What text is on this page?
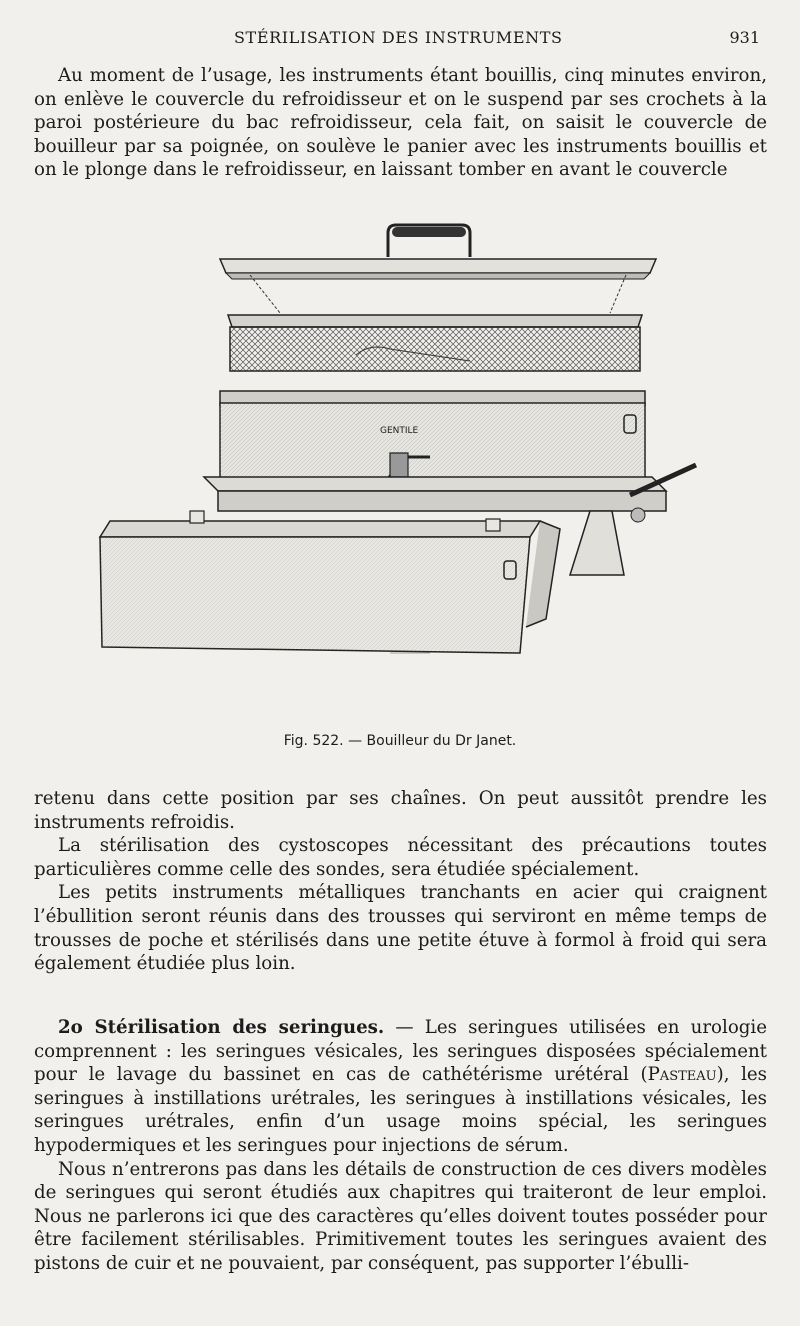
STÉRILISATION DES INSTRUMENTS	931

Au moment de l’usage, les instruments étant bouillis, cinq minutes environ, on enlève le couvercle du refroidisseur et on le suspend par ses crochets à la paroi postérieure du bac refroidisseur, cela fait, on saisit le couvercle de bouilleur par sa poignée, on soulève le panier avec les instruments bouillis et on le plonge dans le refroidisseur, en laissant tomber en avant le couvercle

GENTILE
Fig. 522. — Bouilleur du Dr Janet.

retenu dans cette position par ses chaînes. On peut aussitôt prendre les instruments refroidis.

La stérilisation des cystoscopes nécessitant des précautions toutes particulières comme celle des sondes, sera étudiée spécialement.

Les petits instruments métalliques tranchants en acier qui craignent l’ébullition seront réunis dans des trousses qui serviront en même temps de trousses de poche et stérilisés dans une petite étuve à formol à froid qui sera également étudiée plus loin.

2o Stérilisation des seringues. — Les seringues utilisées en urologie comprennent : les seringues vésicales, les seringues disposées spécialement pour le lavage du bassinet en cas de cathétérisme urétéral (Pasteau), les seringues à instillations urétrales, les seringues à instillations vésicales, les seringues urétrales, enfin d’un usage moins spécial, les seringues hypodermiques et les seringues pour injections de sérum.

Nous n’entrerons pas dans les détails de construction de ces divers modèles de seringues qui seront étudiés aux chapitres qui traiteront de leur emploi. Nous ne parlerons ici que des caractères qu’elles doivent toutes posséder pour être facilement stérilisables. Primitivement toutes les seringues avaient des pistons de cuir et ne pouvaient, par conséquent, pas supporter l’ébulli-
